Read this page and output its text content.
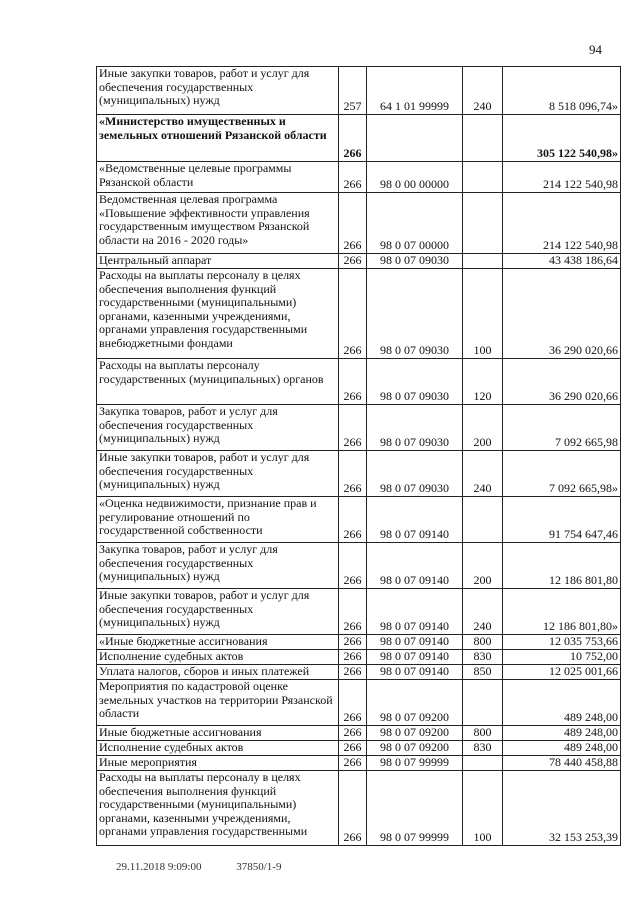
94
Иные закупки товаров, работ и услуг для обеспечения государственных (муниципальных) нужд	257	64 1 01 99999	240	8 518 096,74»
«Министерство имущественных и земельных отношений Рязанской области	266			305 122 540,98»
«Ведомственные целевые программы Рязанской области	266	98 0 00 00000		214 122 540,98
Ведомственная целевая программа «Повышение эффективности управления государственным имуществом Рязанской области на 2016 - 2020 годы»	266	98 0 07 00000		214 122 540,98
Центральный аппарат	266	98 0 07 09030		43 438 186,64
Расходы на выплаты персоналу в целях обеспечения выполнения функций государственными (муниципальными) органами, казенными учреждениями, органами управления государственными внебюджетными фондами	266	98 0 07 09030	100	36 290 020,66
Расходы на выплаты персоналу государственных (муниципальных) органов	266	98 0 07 09030	120	36 290 020,66
Закупка товаров, работ и услуг для обеспечения государственных (муниципальных) нужд	266	98 0 07 09030	200	7 092 665,98
Иные закупки товаров, работ и услуг для обеспечения государственных (муниципальных) нужд	266	98 0 07 09030	240	7 092 665,98»
«Оценка недвижимости, признание прав и регулирование отношений по государственной собственности	266	98 0 07 09140		91 754 647,46
Закупка товаров, работ и услуг для обеспечения государственных (муниципальных) нужд	266	98 0 07 09140	200	12 186 801,80
Иные закупки товаров, работ и услуг для обеспечения государственных (муниципальных) нужд	266	98 0 07 09140	240	12 186 801,80»
«Иные бюджетные ассигнования	266	98 0 07 09140	800	12 035 753,66
Исполнение судебных актов	266	98 0 07 09140	830	10 752,00
Уплата налогов, сборов и иных платежей	266	98 0 07 09140	850	12 025 001,66
Мероприятия по кадастровой оценке земельных участков на территории Рязанской области	266	98 0 07 09200		489 248,00
Иные бюджетные ассигнования	266	98 0 07 09200	800	489 248,00
Исполнение судебных актов	266	98 0 07 09200	830	489 248,00
Иные мероприятия	266	98 0 07 99999		78 440 458,88
Расходы на выплаты персоналу в целях обеспечения выполнения функций государственными (муниципальными) органами, казенными учреждениями, органами управления государственными	266	98 0 07 99999	100	32 153 253,39
29.11.2018 9:09:00	37850/1-9
